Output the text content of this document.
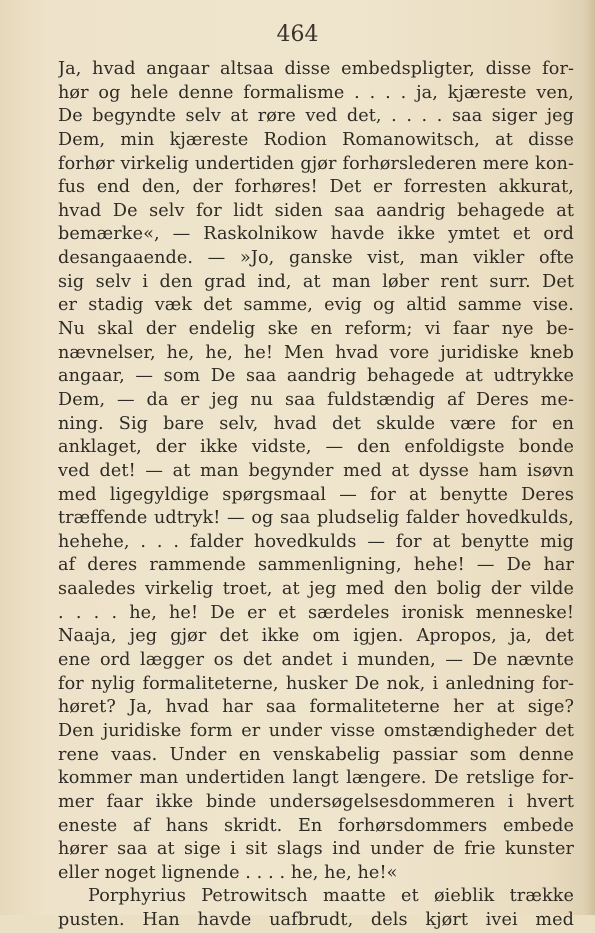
464
Ja, hvad angaar altsaa disse embedspligter, disse for-
hør og hele denne formalisme . . . . ja, kjæreste ven,
De begyndte selv at røre ved det, . . . . saa siger jeg
Dem, min kjæreste Rodion Romanowitsch, at disse
forhør virkelig undertiden gjør forhørslederen mere kon-
fus end den, der forhøres! Det er forresten akkurat,
hvad De selv for lidt siden saa aandrig behagede at
bemærke«, — Raskolnikow havde ikke ymtet et ord
desangaaende. — »Jo, ganske vist, man vikler ofte
sig selv i den grad ind, at man løber rent surr. Det
er stadig væk det samme, evig og altid samme vise.
Nu skal der endelig ske en reform; vi faar nye be-
nævnelser, he, he, he! Men hvad vore juridiske kneb
angaar, — som De saa aandrig behagede at udtrykke
Dem, — da er jeg nu saa fuldstændig af Deres me-
ning. Sig bare selv, hvad det skulde være for en
anklaget, der ikke vidste, — den enfoldigste bonde
ved det! — at man begynder med at dysse ham isøvn
med ligegyldige spørgsmaal — for at benytte Deres
træffende udtryk! — og saa pludselig falder hovedkulds,
hehehe, . . . falder hovedkulds — for at benytte mig
af deres rammende sammenligning, hehe! — De har
saaledes virkelig troet, at jeg med den bolig der vilde
. . . . he, he! De er et særdeles ironisk menneske!
Naaja, jeg gjør det ikke om igjen. Apropos, ja, det
ene ord lægger os det andet i munden, — De nævnte
for nylig formaliteterne, husker De nok, i anledning for-
høret? Ja, hvad har saa formaliteterne her at sige?
Den juridiske form er under visse omstændigheder det
rene vaas. Under en venskabelig passiar som denne
kommer man undertiden langt længere. De retslige for-
mer faar ikke binde undersøgelsesdommeren i hvert
eneste af hans skridt. En forhørsdommers embede
hører saa at sige i sit slags ind under de frie kunster
eller noget lignende . . . . he, he, he!«
Porphyrius Petrowitsch maatte et øieblik trække
pusten. Han havde uafbrudt, dels kjørt ivei med
